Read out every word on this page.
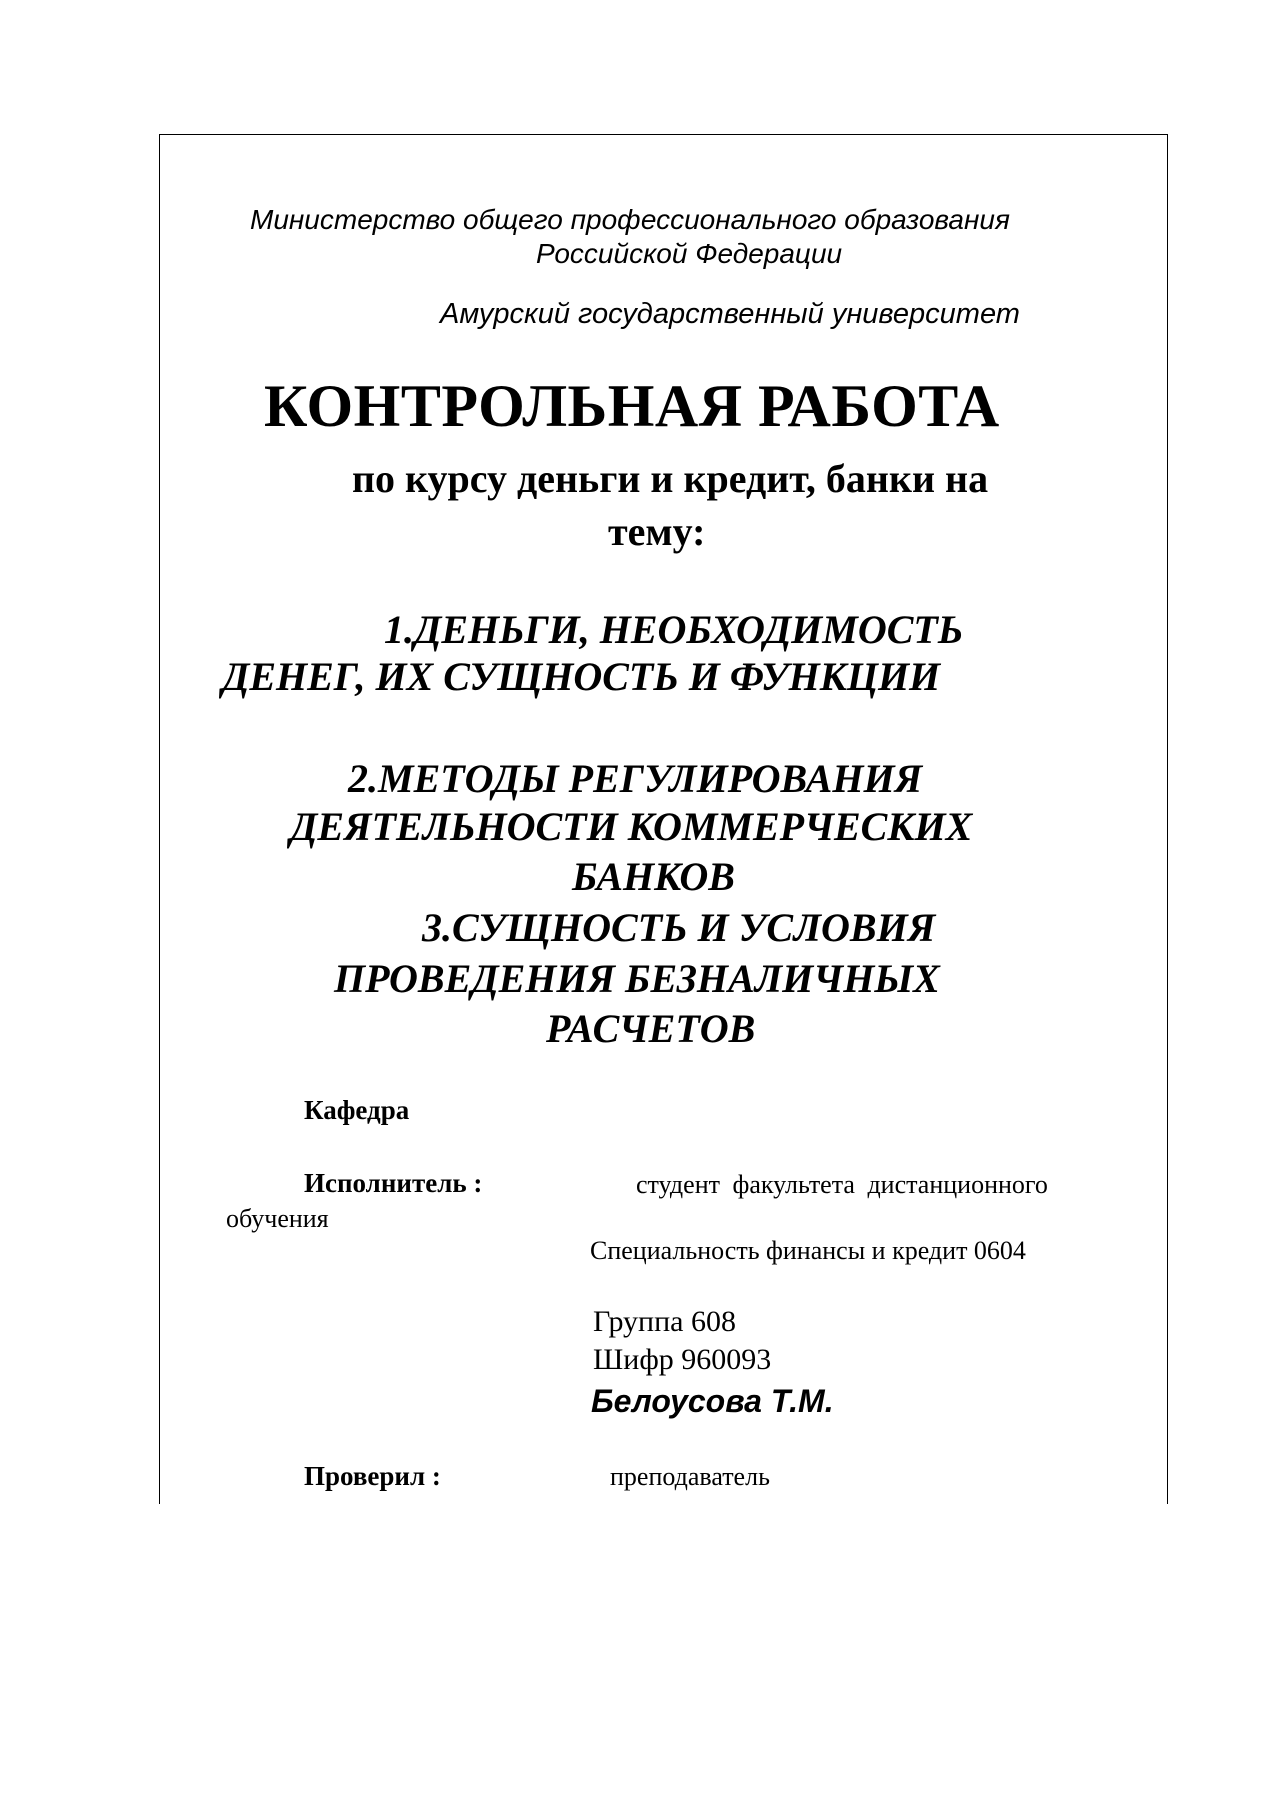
Министерство общего профессионального образования
Российской Федерации
Амурский государственный университет
КОНТРОЛЬНАЯ РАБОТА
по курсу деньги и кредит, банки на
тему:
1.ДЕНЬГИ, НЕОБХОДИМОСТЬ
ДЕНЕГ, ИХ СУЩНОСТЬ И ФУНКЦИИ
2.МЕТОДЫ РЕГУЛИРОВАНИЯ
ДЕЯТЕЛЬНОСТИ КОММЕРЧЕСКИХ
БАНКОВ
3.СУЩНОСТЬ И УСЛОВИЯ
ПРОВЕДЕНИЯ БЕЗНАЛИЧНЫХ
РАСЧЕТОВ
Кафедра
Исполнитель :	студент факультета дистанционного
обучения
Специальность финансы и кредит 0604
Группа 608
Шифр 960093
Белоусова Т.М.
Проверил :	преподаватель
